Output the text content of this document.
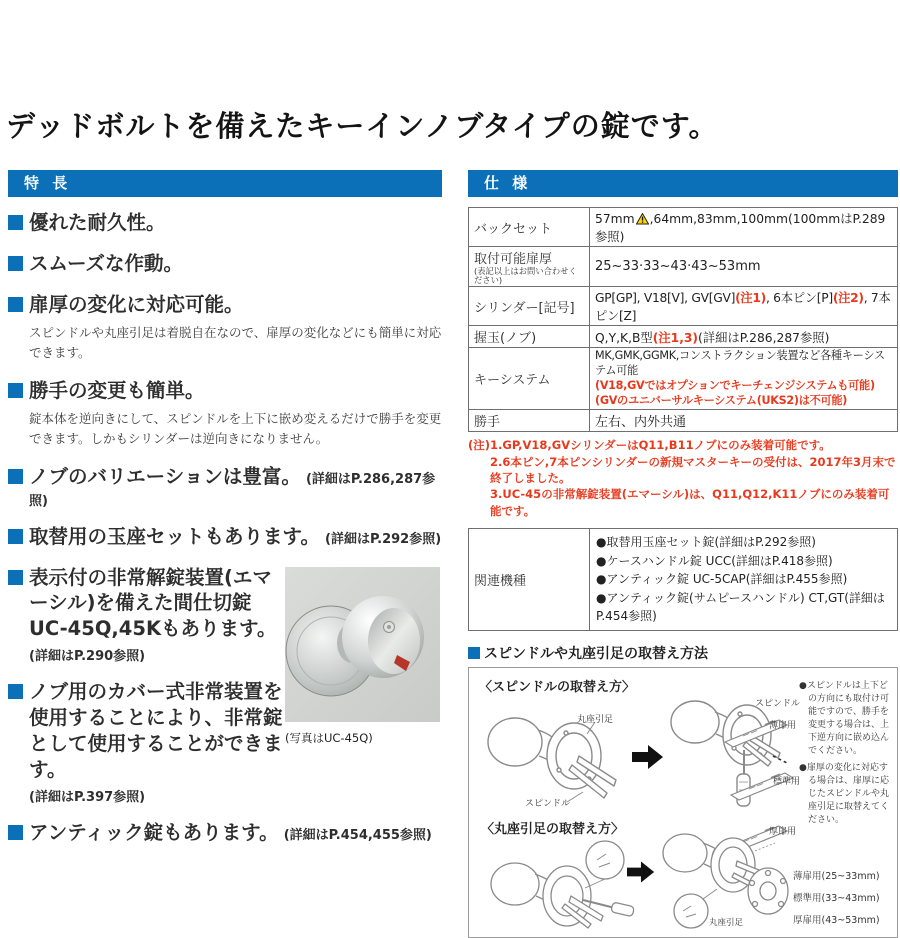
デッドボルトを備えたキーインノブタイプの錠です。
特 長
優れた耐久性。
スムーズな作動。
扉厚の変化に対応可能。

スピンドルや丸座引足は着脱自在なので、扉厚の変化などにも簡単に対応できます。

勝手の変更も簡単。

錠本体を逆向きにして、スピンドルを上下に嵌め変えるだけで勝手を変更できます。しかもシリンダーは逆向きになりません。

ノブのバリエーションは豊富。 (詳細はP.286,287参照)
取替用の玉座セットもあります。 (詳細はP.292参照)
(写真はUC-45Q)
表示付の非常解錠装置(エマーシル)を備えた間仕切錠UC-45Q,45Kもあります。
(詳細はP.290参照)
ノブ用のカバー式非常装置を使用することにより、非常錠として使用することができます。
(詳細はP.397参照)
アンティック錠もあります。 (詳細はP.454,455参照)
仕 様
バックセット	57mm ,64mm,83mm,100mm(100mmはP.289参照)

取付可能扉厚
(表記以上はお問い合わせください)	25~33·33~43·43~53mm
シリンダー[記号]	GP[GP], V18[V], GV[GV](注1), 6本ピン[P](注2), 7本ピン[Z]
握玉(ノブ)	Q,Y,K,B型(注1,3)(詳細はP.286,287参照)
キーシステム	MK,GMK,GGMK,コンストラクション装置など各種キーシステム可能
(V18,GVではオプションでキーチェンジシステムも可能)
(GVのユニバーサルキーシステム(UKS2)は不可能)

勝手	左右、内外共通
(注)1.GP,V18,GVシリンダーはQ11,B11ノブにのみ装着可能です。
2.6本ピン,7本ピンシリンダーの新規マスターキーの受付は、2017年3月末で終了しました。
3.UC-45の非常解錠装置(エマーシル)は、Q11,Q12,K11ノブにのみ装着可能です。
関連機種	
●取替用玉座セット錠(詳細はP.292参照)
●ケースハンドル錠 UCC(詳細はP.418参照)
●アンティック錠 UC-5CAP(詳細はP.455参照)
●アンティック錠(サムピースハンドル) CT,GT(詳細はP.454参照)
スピンドルや丸座引足の取替え方法
〈スピンドルの取替え方〉
丸座引足
スピンドル
スピンドル
薄扉用
標準用
厚扉用

●スピンドルは上下どの方向にも取付け可能ですので、勝手を変更する場合は、上下逆方向に嵌め込んでください。

●扉厚の変化に対応する場合は、扉厚に応じたスピンドルや丸座引足に取替えてください。

〈丸座引足の取替え方〉
丸座引足
薄扉用(25~33mm)
標準用(33~43mm)
厚扉用(43~53mm)
